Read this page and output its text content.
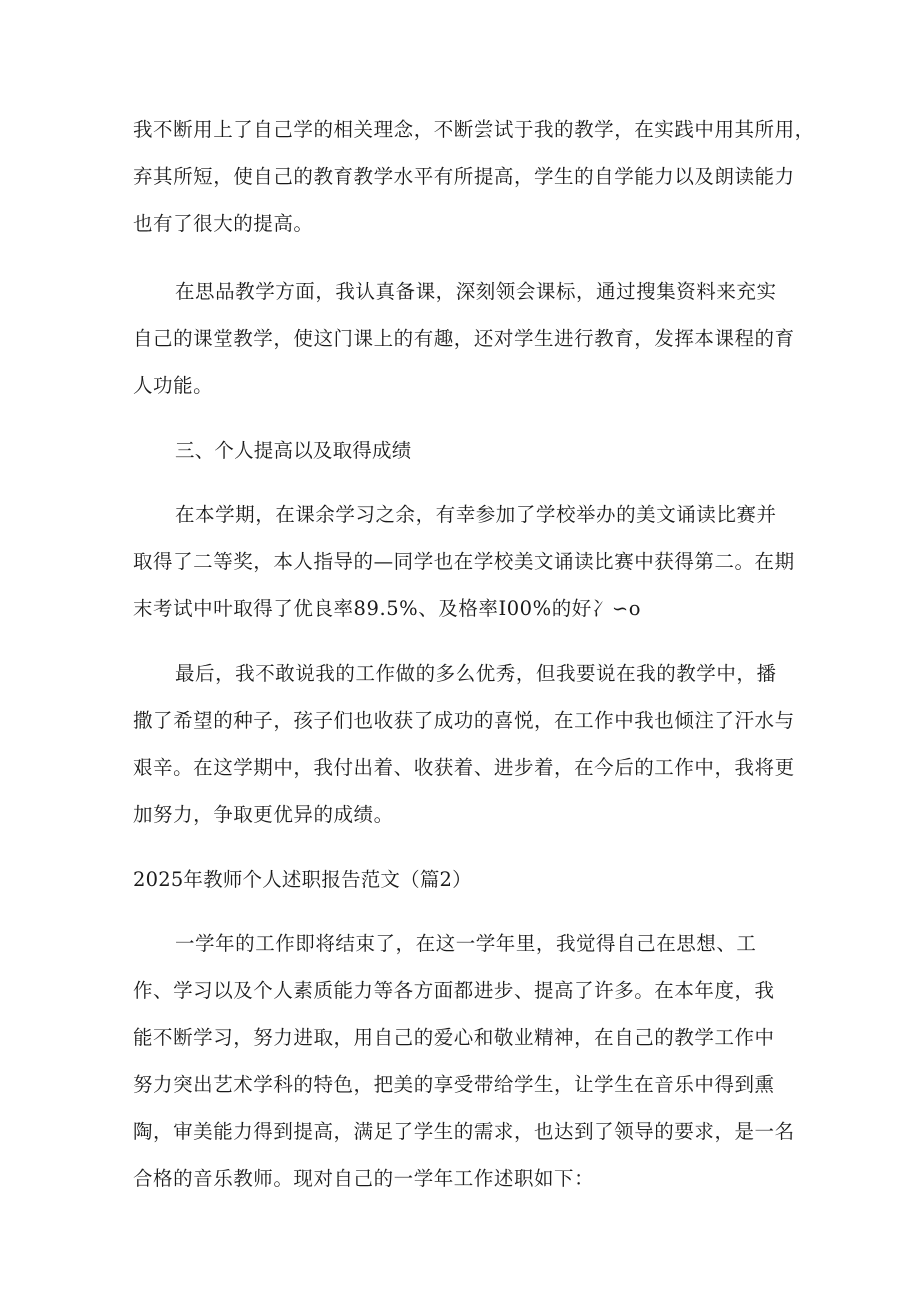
我不断用上了自己学的相关理念，不断尝试于我的教学，在实践中用其所用，

弃其所短，使自己的教育教学水平有所提高，学生的自学能力以及朗读能力

也有了很大的提高。

在思品教学方面，我认真备课，深刻领会课标，通过搜集资料来充实

自己的课堂教学，使这门课上的有趣，还对学生进行教育，发挥本课程的育

人功能。

三、个人提高以及取得成绩

在本学期，在课余学习之余，有幸参加了学校举办的美文诵读比赛并

取得了二等奖，本人指导的—同学也在学校美文诵读比赛中获得第二。在期

末考试中叶取得了优良率89.5%、及格率I00%的好冫∽o

最后，我不敢说我的工作做的多么优秀，但我要说在我的教学中，播

撒了希望的种子，孩子们也收获了成功的喜悦，在工作中我也倾注了汗水与

艰辛。在这学期中，我付出着、收获着、进步着，在今后的工作中，我将更

加努力，争取更优异的成绩。

2025年教师个人述职报告范文（篇2）

一学年的工作即将结束了，在这一学年里，我觉得自己在思想、工

作、学习以及个人素质能力等各方面都进步、提高了许多。在本年度，我

能不断学习，努力进取，用自己的爱心和敬业精神，在自己的教学工作中

努力突出艺术学科的特色，把美的享受带给学生，让学生在音乐中得到熏

陶，审美能力得到提高，满足了学生的需求，也达到了领导的要求，是一名

合格的音乐教师。现对自己的一学年工作述职如下：
